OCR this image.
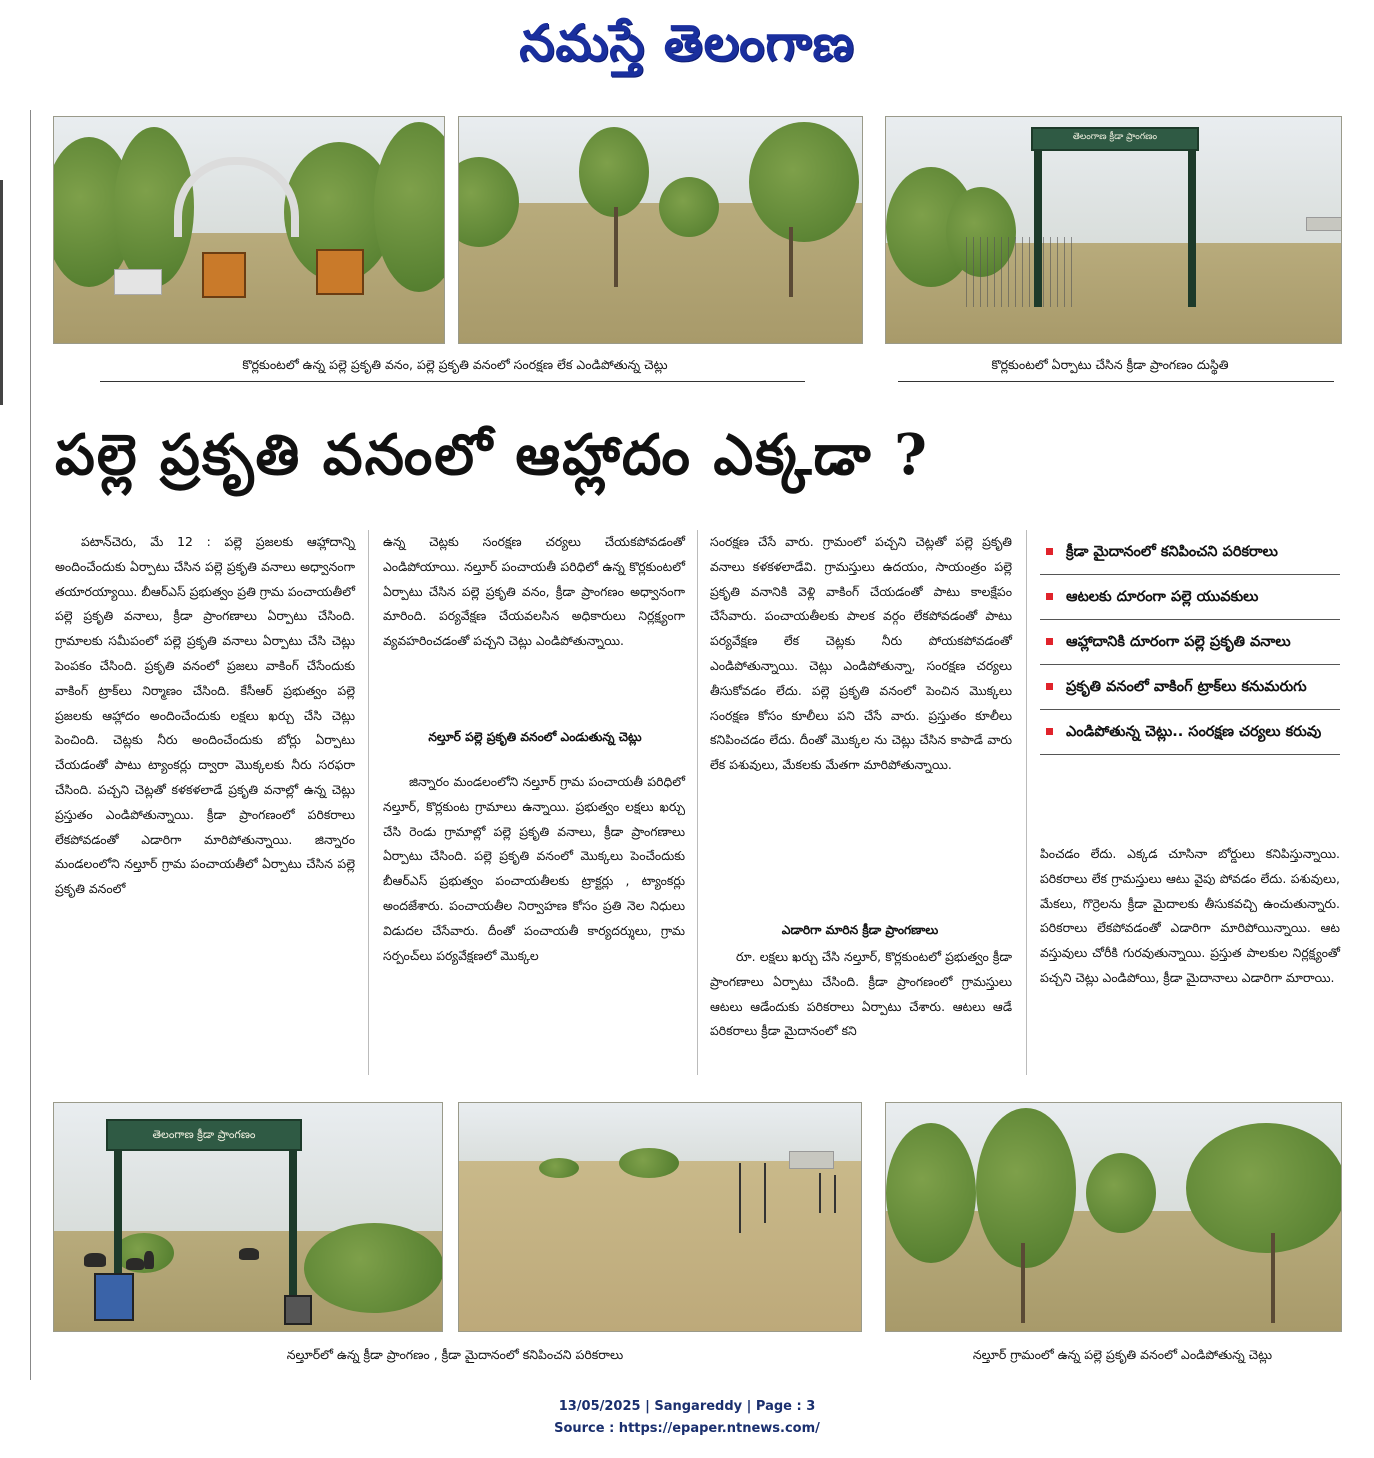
నమస్తే తెలంగాణ
తెలంగాణ క్రీడా ప్రాంగణం
కొర్లకుంటలో ఉన్న పల్లె ప్రకృతి వనం, పల్లె ప్రకృతి వనంలో సంరక్షణ లేక ఎండిపోతున్న చెట్లు	కొర్లకుంటలో ఏర్పాటు చేసిన క్రీడా ప్రాంగణం దుస్థితి
పల్లె ప్రకృతి వనంలో ఆహ్లాదం ఎక్కడా ?

పటాన్‌చెరు, మే 12 : పల్లె ప్రజలకు ఆహ్లాదాన్ని అందించేందుకు ఏర్పాటు చేసిన పల్లె ప్రకృతి వనాలు అధ్వానంగా తయారయ్యాయి. బీఆర్‌ఎస్ ప్రభుత్వం ప్రతి గ్రామ పంచాయతీలో పల్లె ప్రకృతి వనాలు, క్రీడా ప్రాంగణాలు ఏర్పాటు చేసింది. గ్రామాలకు సమీపంలో పల్లె ప్రకృతి వనాలు ఏర్పాటు చేసి చెట్లు పెంపకం చేసింది. ప్రకృతి వనంలో ప్రజలు వాకింగ్ చేసేందుకు వాకింగ్ ట్రాక్‌లు నిర్మాణం చేసింది. కేసీఆర్ ప్రభుత్వం పల్లె ప్రజలకు ఆహ్లాదం అందించేందుకు లక్షలు ఖర్చు చేసి చెట్లు పెంచింది. చెట్లకు నీరు అందించేందుకు బోర్లు ఏర్పాటు చేయడంతో పాటు ట్యాంకర్లు ద్వారా మొక్కలకు నీరు సరఫరా చేసింది. పచ్చని చెట్లతో కళకళలాడే ప్రకృతి వనాల్లో ఉన్న చెట్లు ప్రస్తుతం ఎండిపోతున్నాయి. క్రీడా ప్రాంగణంలో పరికరాలు లేకపోవడంతో ఎడారిగా మారిపోతున్నాయి. జిన్నారం మండలంలోని నల్తూర్ గ్రామ పంచాయతీలో ఏర్పాటు చేసిన పల్లె ప్రకృతి వనంలో

ఉన్న చెట్లకు సంరక్షణ చర్యలు చేయకపోవడంతో ఎండిపోయాయి. నల్తూర్ పంచాయతీ పరిధిలో ఉన్న కొర్లకుంటలో ఏర్పాటు చేసిన పల్లె ప్రకృతి వనం, క్రీడా ప్రాంగణం అధ్వానంగా మారింది. పర్యవేక్షణ చేయవలసిన అధికారులు నిర్లక్ష్యంగా వ్యవహరించడంతో పచ్చని చెట్లు ఎండిపోతున్నాయి.

నల్తూర్ పల్లె ప్రకృతి వనంలో ఎండుతున్న చెట్లు

జిన్నారం మండలంలోని నల్తూర్ గ్రామ పంచాయతీ పరిధిలో నల్తూర్, కొర్లకుంట గ్రామాలు ఉన్నాయి. ప్రభుత్వం లక్షలు ఖర్చు చేసి రెండు గ్రామాల్లో పల్లె ప్రకృతి వనాలు, క్రీడా ప్రాంగణాలు ఏర్పాటు చేసింది. పల్లె ప్రకృతి వనంలో మొక్కలు పెంచేందుకు బీఆర్‌ఎస్ ప్రభుత్వం పంచాయతీలకు ట్రాక్టర్లు , ట్యాంకర్లు అందజేశారు. పంచాయతీల నిర్వాహణ కోసం ప్రతి నెల నిధులు విడుదల చేసేవారు. దీంతో పంచాయతీ కార్యదర్శులు, గ్రామ సర్పంచ్‌లు పర్యవేక్షణలో మొక్కల

సంరక్షణ చేసే వారు. గ్రామంలో పచ్చని చెట్లతో పల్లె ప్రకృతి వనాలు కళకళలాడేవి. గ్రామస్తులు ఉదయం, సాయంత్రం పల్లె ప్రకృతి వనానికి వెళ్లి వాకింగ్ చేయడంతో పాటు కాలక్షేపం చేసేవారు. పంచాయతీలకు పాలక వర్గం లేకపోవడంతో పాటు పర్యవేక్షణ లేక చెట్లకు నీరు పోయకపోవడంతో ఎండిపోతున్నాయి. చెట్లు ఎండిపోతున్నా, సంరక్షణ చర్యలు తీసుకోవడం లేదు. పల్లె ప్రకృతి వనంలో పెంచిన మొక్కలు సంరక్షణ కోసం కూలీలు పని చేసే వారు. ప్రస్తుతం కూలీలు కనిపించడం లేదు. దీంతో మొక్కల ను చెట్లు చేసిన కాపాడే వారు లేక పశువులు, మేకలకు మేతగా మారిపోతున్నాయి.

ఎడారిగా మారిన క్రీడా ప్రాంగణాలు

రూ. లక్షలు ఖర్చు చేసి నల్తూర్, కొర్లకుంటలో ప్రభుత్వం క్రీడా ప్రాంగణాలు ఏర్పాటు చేసింది. క్రీడా ప్రాంగణంలో గ్రామస్తులు ఆటలు ఆడేందుకు పరికరాలు ఏర్పాటు చేశారు. ఆటలు ఆడే పరికరాలు క్రీడా మైదానంలో కని

క్రీడా మైదానంలో కనిపించని పరికరాలు
ఆటలకు దూరంగా పల్లె యువకులు
ఆహ్లాదానికి దూరంగా పల్లె ప్రకృతి వనాలు
ప్రకృతి వనంలో వాకింగ్ ట్రాక్‌లు కనుమరుగు
ఎండిపోతున్న చెట్లు.. సంరక్షణ చర్యలు కరువు

పించడం లేదు. ఎక్కడ చూసినా బోర్డులు కనిపిస్తున్నాయి. పరికరాలు లేక గ్రామస్తులు ఆటు వైపు పోవడం లేదు. పశువులు, మేకలు, గొర్రెలను క్రీడా మైదాలకు తీసుకవచ్చి ఉంచుతున్నారు. పరికరాలు లేకపోవడంతో ఎడారిగా మారిపోయిన్నాయి. ఆట వస్తువులు చోరీకి గురవుతున్నాయి. ప్రస్తుత పాలకుల నిర్లక్ష్యంతో పచ్చని చెట్లు ఎండిపోయి, క్రీడా మైదానాలు ఎడారిగా మారాయి.

తెలంగాణ క్రీడా ప్రాంగణం
నల్తూర్‌లో ఉన్న క్రీడా ప్రాంగణం , క్రీడా మైదానంలో కనిపించని పరికరాలు	నల్తూర్ గ్రామంలో ఉన్న పల్లె ప్రకృతి వనంలో ఎండిపోతున్న చెట్లు
13/05/2025 | Sangareddy | Page : 3
Source : https://epaper.ntnews.com/
